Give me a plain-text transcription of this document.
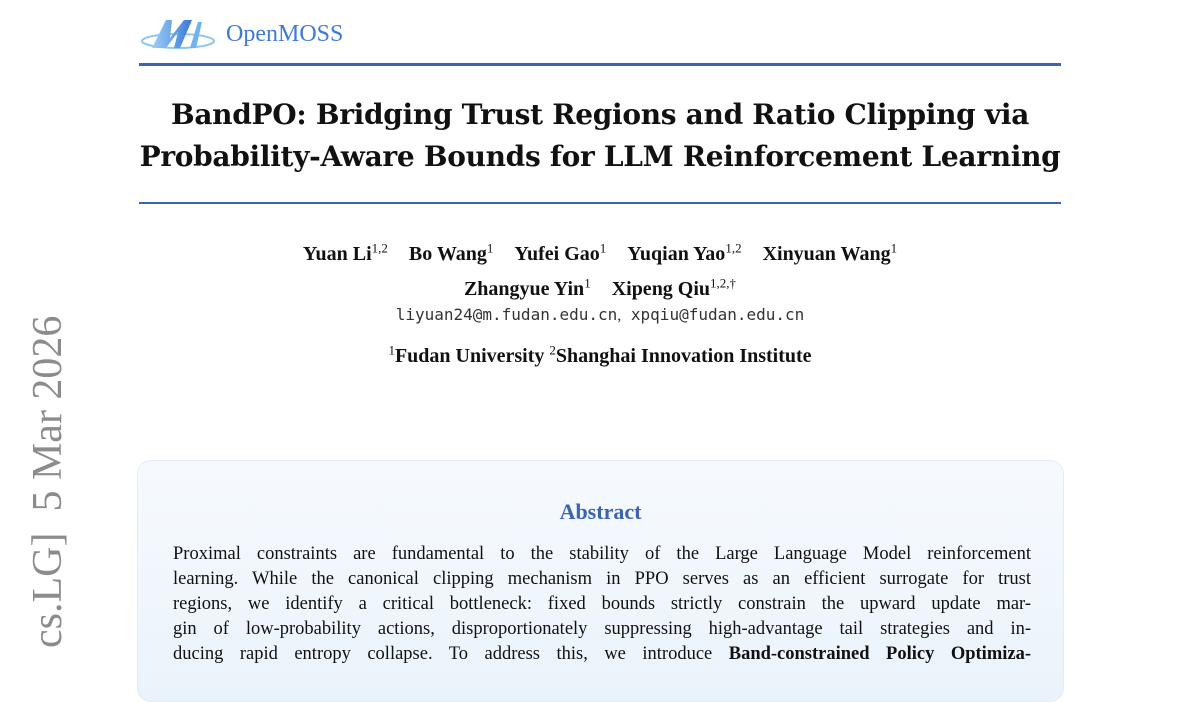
OpenMOSS
BandPO: Bridging Trust Regions and Ratio Clipping via
Probability-Aware Bounds for LLM Reinforcement Learning
Yuan Li$^{1,2}$ Bo Wang$^1$ Yufei Gao$^1$ Yuqian Yao$^{1,2}$ Xinyuan Wang$^1$
Zhangyue Yin$^1$ Xipeng Qiu$^{1,2,\dagger}$
liyuan24@m.fudan.edu.cn, xpqiu@fudan.edu.cn
$^1$Fudan University $^2$Shanghai Innovation Institute
cs.LG]  5 Mar 2026	Abstract
Proximal constraints are fundamental to the stability of the Large Language Model reinforcement
learning. While the canonical clipping mechanism in PPO serves as an efficient surrogate for trust
regions, we identify a critical bottleneck: fixed bounds strictly constrain the upward update mar-
gin of low-probability actions, disproportionately suppressing high-advantage tail strategies and in-
ducing rapid entropy collapse. To address this, we introduce Band-constrained Policy Optimiza-
